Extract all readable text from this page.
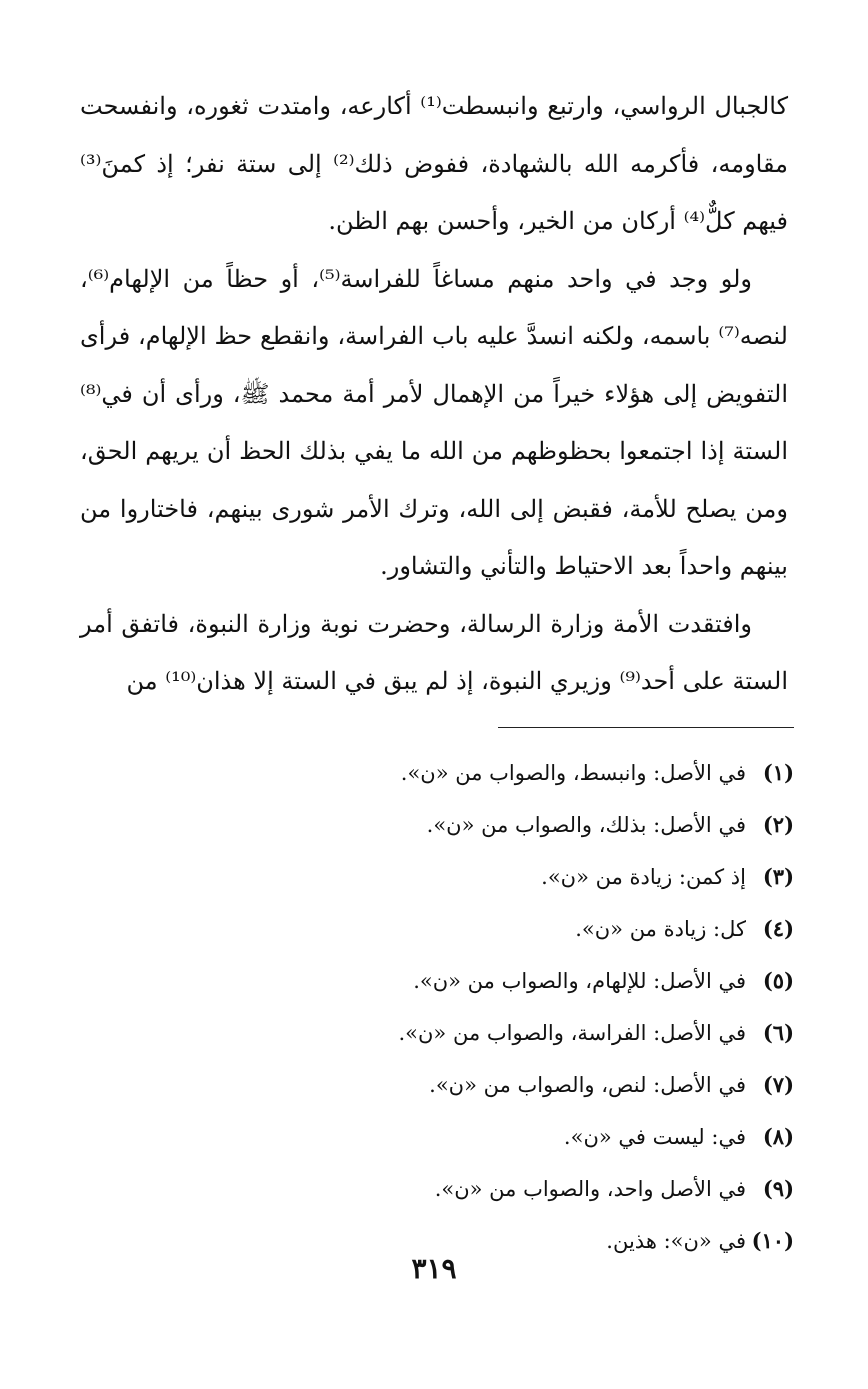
كالجبال الرواسي، وارتبع وانبسطت⁽¹⁾ أكارعه، وامتدت ثغوره، وانفسحت مقاومه، فأكرمه الله بالشهادة، ففوض ذلك⁽²⁾ إلى ستة نفر؛ إذ كمنَ⁽³⁾ فيهم كلٌّ⁽⁴⁾ أركان من الخير، وأحسن بهم الظن.

ولو وجد في واحد منهم مساغاً للفراسة⁽⁵⁾، أو حظاً من الإلهام⁽⁶⁾، لنصه⁽⁷⁾ باسمه، ولكنه انسدَّ عليه باب الفراسة، وانقطع حظ الإلهام، فرأى التفويض إلى هؤلاء خيراً من الإهمال لأمر أمة محمد ﷺ، ورأى أن في⁽⁸⁾ الستة إذا اجتمعوا بحظوظهم من الله ما يفي بذلك الحظ أن يريهم الحق، ومن يصلح للأمة، فقبض إلى الله، وترك الأمر شورى بينهم، فاختاروا من بينهم واحداً بعد الاحتياط والتأني والتشاور.

وافتقدت الأمة وزارة الرسالة، وحضرت نوبة وزارة النبوة، فاتفق أمر الستة على أحد⁽⁹⁾ وزيري النبوة، إذ لم يبق في الستة إلا هذان⁽¹⁰⁾ من

(١)في الأصل: وانبسط، والصواب من «ن».
(٢)في الأصل: بذلك، والصواب من «ن».
(٣)إذ كمن: زيادة من «ن».
(٤)كل: زيادة من «ن».
(٥)في الأصل: للإلهام، والصواب من «ن».
(٦)في الأصل: الفراسة، والصواب من «ن».
(٧)في الأصل: لنص، والصواب من «ن».
(٨)في: ليست في «ن».
(٩)في الأصل واحد، والصواب من «ن».
(١٠)في «ن»: هذين.
٣١٩
